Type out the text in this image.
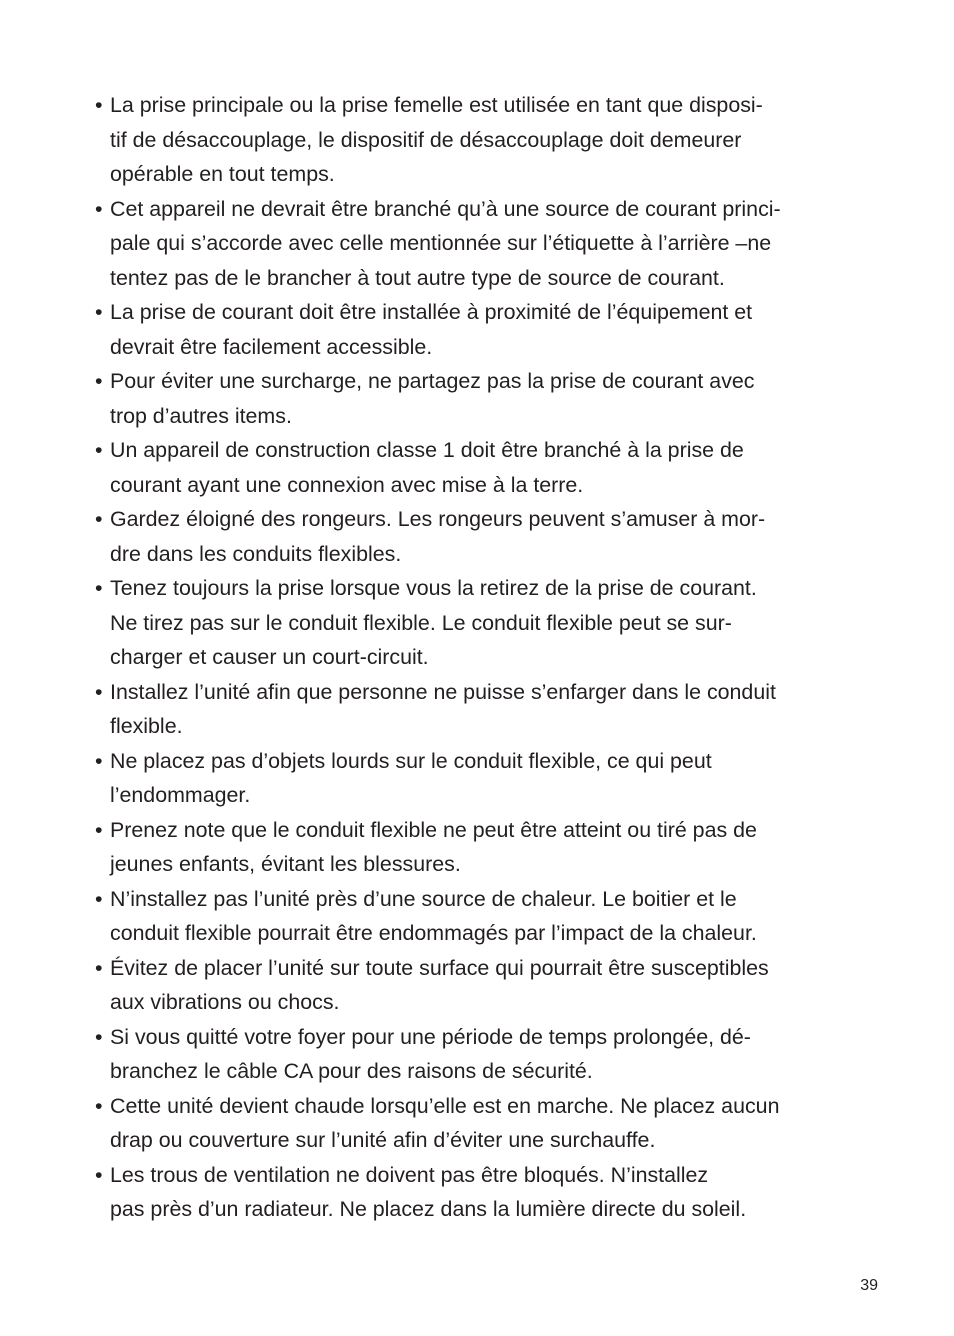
• La prise principale ou la prise femelle est utilisée en tant que disposi-
tif de désaccouplage, le dispositif de désaccouplage doit demeurer
opérable en tout temps.
• Cet appareil ne devrait être branché qu’à une source de courant princi-
pale qui s’accorde avec celle mentionnée sur l’étiquette à l’arrière –ne
tentez pas de le brancher à tout autre type de source de courant.
• La prise de courant doit être installée à proximité de l’équipement et
devrait être facilement accessible.
• Pour éviter une surcharge, ne partagez pas la prise de courant avec
trop d’autres items.
• Un appareil de construction classe 1 doit être branché à la prise de
courant ayant une connexion avec mise à la terre.
• Gardez éloigné des rongeurs. Les rongeurs peuvent s’amuser à mor-
dre dans les conduits flexibles.
• Tenez toujours la prise lorsque vous la retirez de la prise de courant.
Ne tirez pas sur le conduit flexible. Le conduit flexible peut se sur-
charger et causer un court-circuit.
• Installez l’unité afin que personne ne puisse s’enfarger dans le conduit
flexible.
• Ne placez pas d’objets lourds sur le conduit flexible, ce qui peut
l’endommager.
• Prenez note que le conduit flexible ne peut être atteint ou tiré pas de
jeunes enfants, évitant les blessures.
• N’installez pas l’unité près d’une source de chaleur. Le boitier et le
conduit flexible pourrait être endommagés par l’impact de la chaleur.
• Évitez de placer l’unité sur toute surface qui pourrait être susceptibles
aux vibrations ou chocs.
• Si vous quitté votre foyer pour une période de temps prolongée, dé-
branchez le câble CA pour des raisons de sécurité.
• Cette unité devient chaude lorsqu’elle est en marche. Ne placez aucun
drap ou couverture sur l’unité afin d’éviter une surchauffe.
• Les trous de ventilation ne doivent pas être bloqués. N’installez
pas près d’un radiateur. Ne placez dans la lumière directe du soleil.
39
